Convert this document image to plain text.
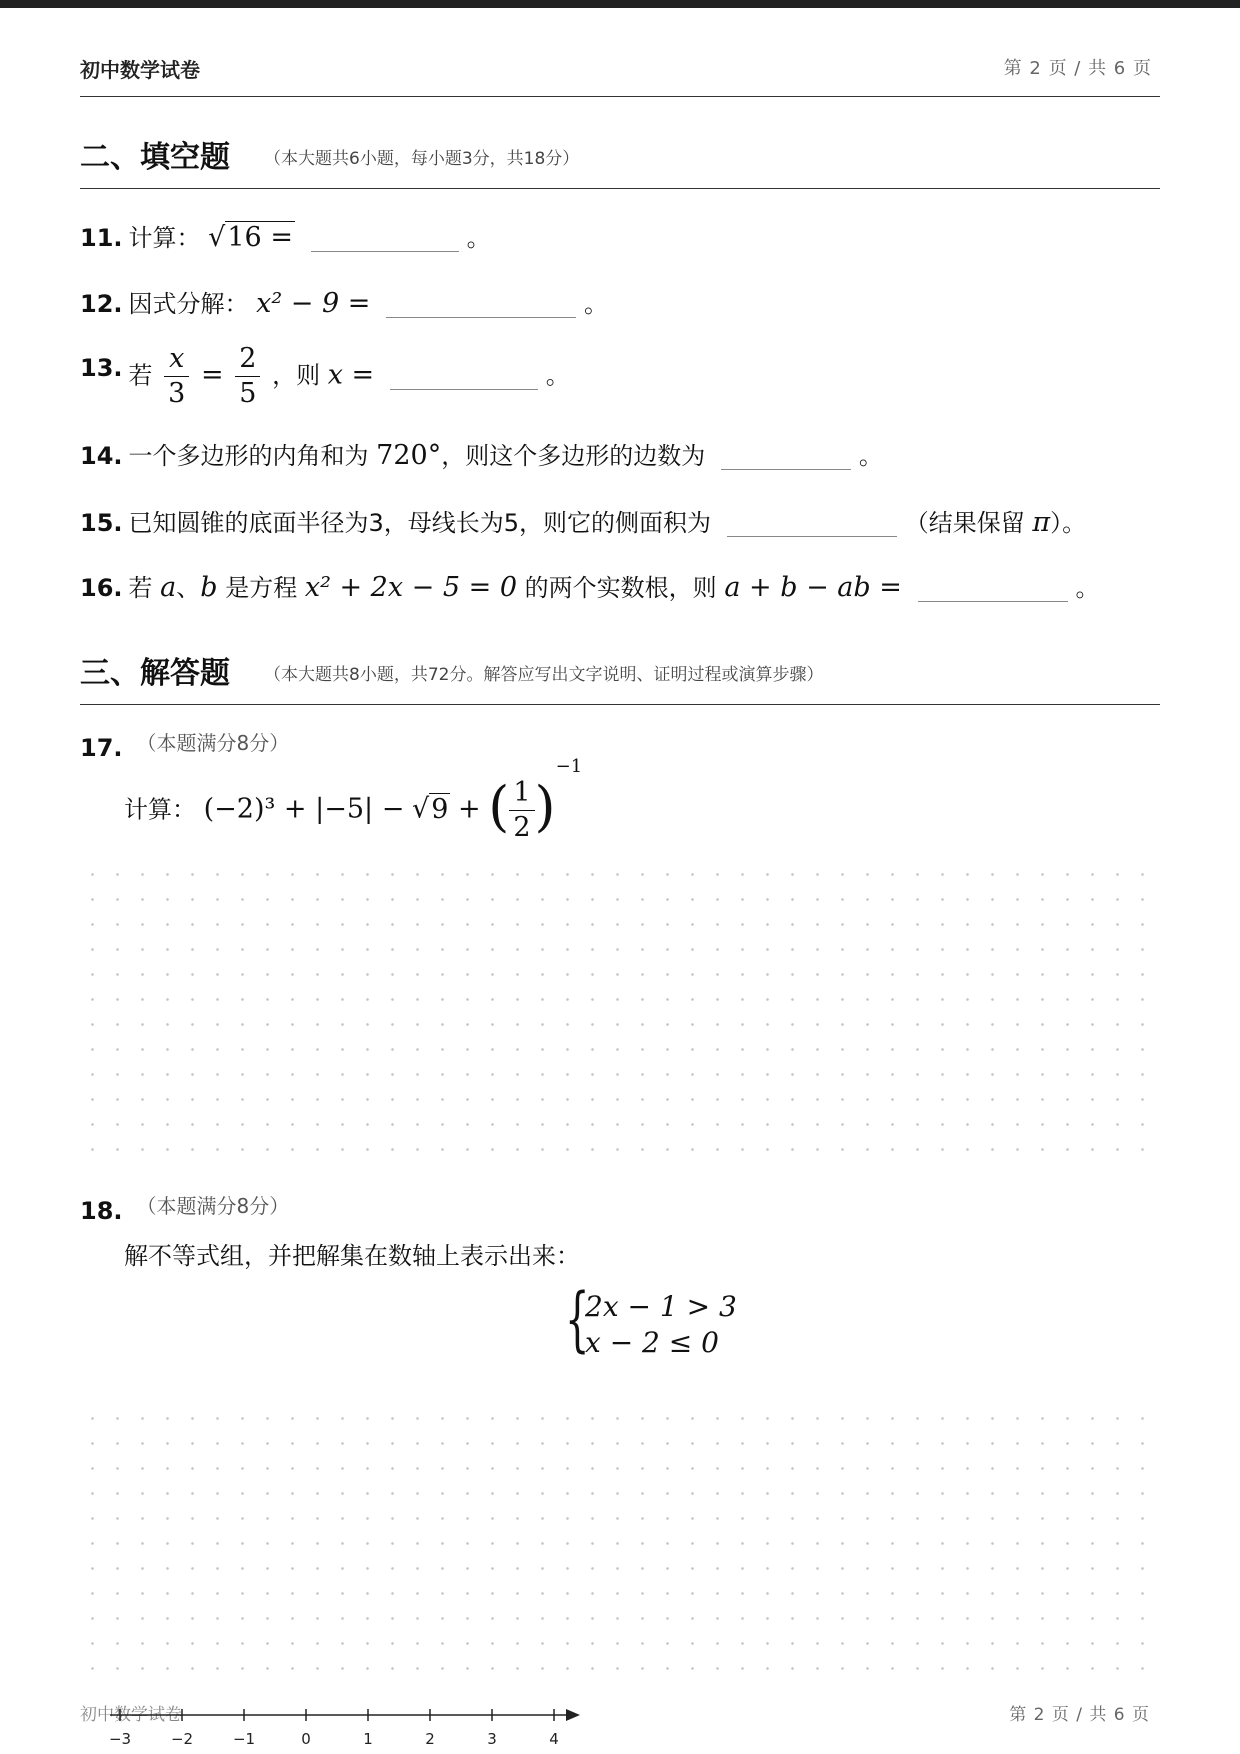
初中数学试卷	第 2 页 / 共 6 页
二、填空题 （本大题共6小题，每小题3分，共18分）
11. 计算： √16 =	。
12. 因式分解： x² − 9 =	。
13. 若 $\frac{x}{3} = \frac{2}{5}$ ，则 x =	。
14. 一个多边形的内角和为 720°，则这个多边形的边数为	。
15. 已知圆锥的底面半径为3，母线长为5，则它的侧面积为	（结果保留 π）。
16. 若 a、b 是方程 x² + 2x − 5 = 0 的两个实数根，则 a + b − ab =	。
三、解答题 （本大题共8小题，共72分。解答应写出文字说明、证明过程或演算步骤）
17. $^{(本题满分8分)}$
计算： (−2)³ + |−5| − √9 + ( $\frac{1}{2} )^{-1}$
18. $^{(本题满分8分)}$
解不等式组，并把解集在数轴上表示出来：
{
2x − 1 > 3
x − 2 ≤ 0
初中数学试卷	第 2 页 / 共 6 页
−3	−2	−1	0	1	2	3	4
